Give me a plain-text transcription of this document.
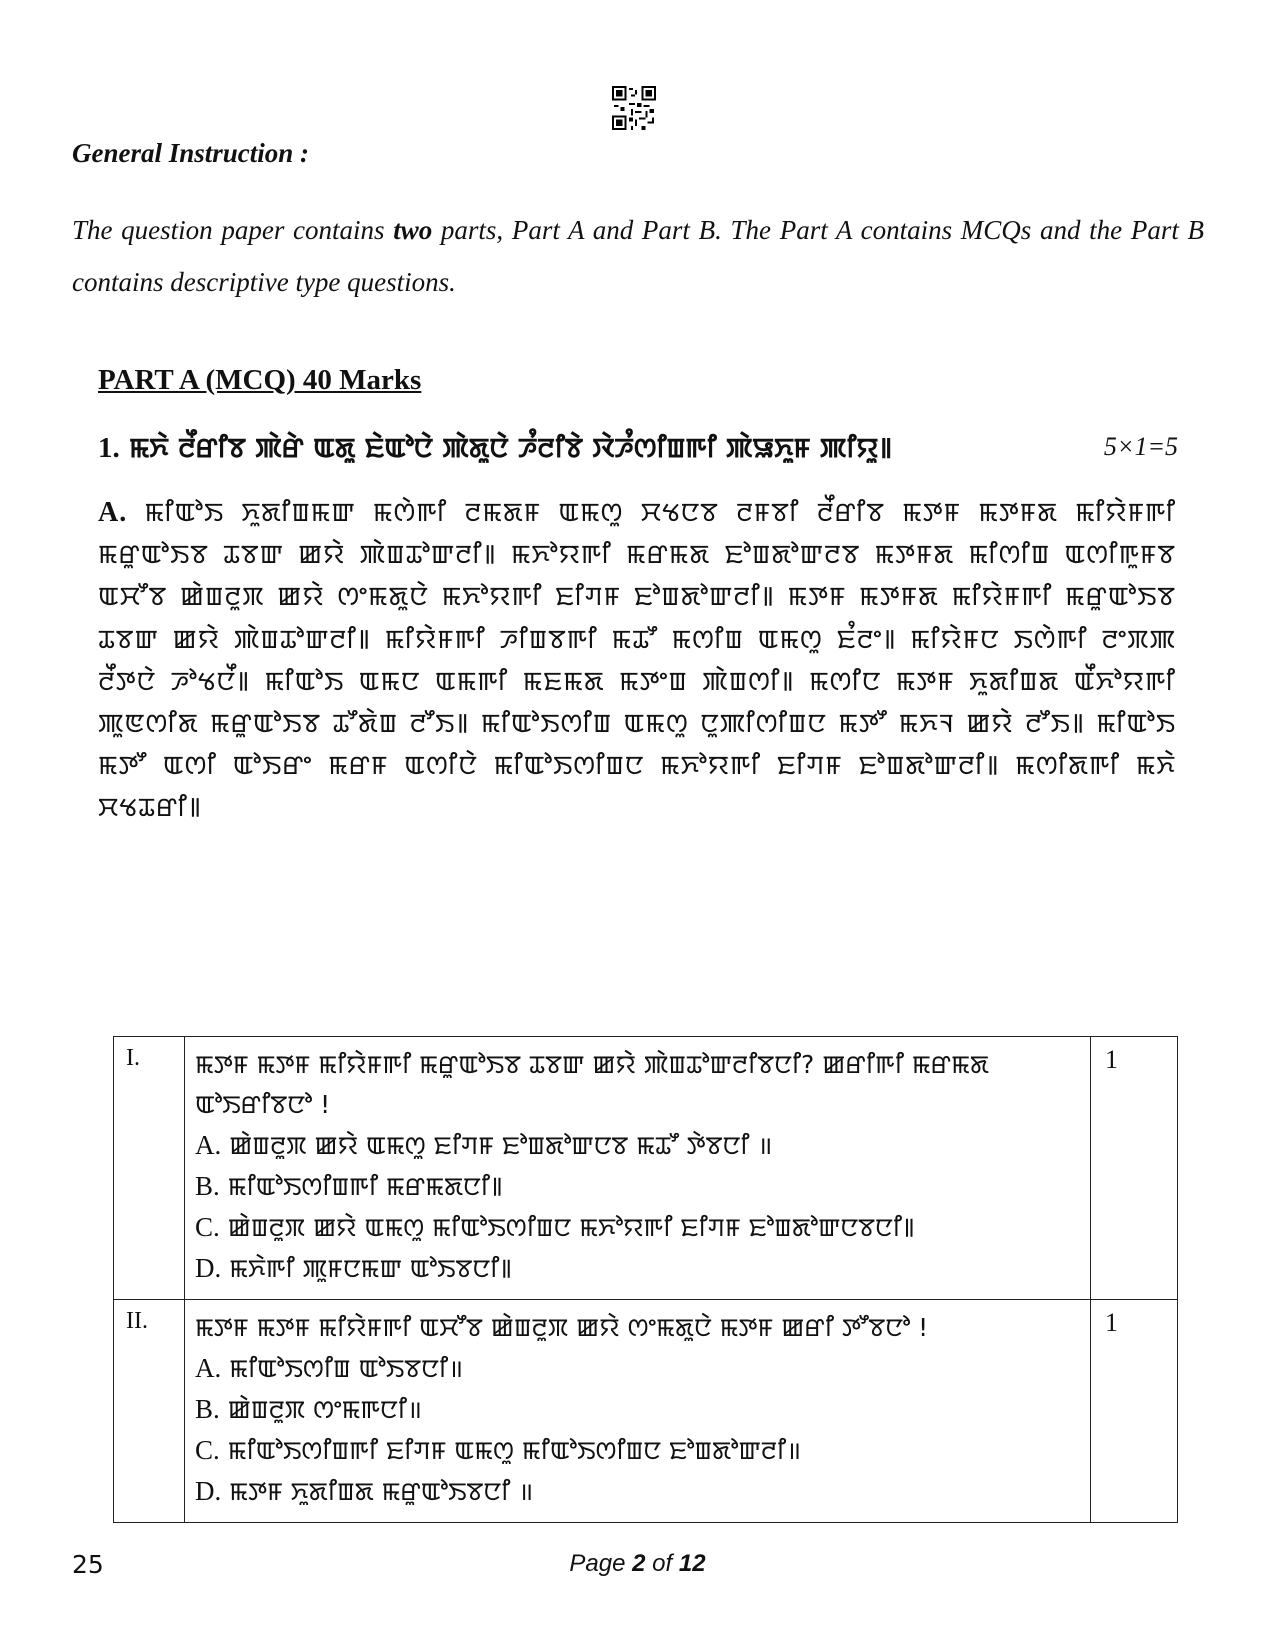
General Instruction :
The question paper contains two parts, Part A and Part B. The Part A contains MCQs and the Part B contains descriptive type questions.
PART A (MCQ) 40 Marks
1. ꯃꯈꯥ ꯂꯩꯔꯤꯕ ꯄꯥꯔꯥ ꯑꯗꯨ ꯐꯥꯑꯣꯅꯥ ꯄꯥꯗꯨꯅꯥ ꯍꯪꯂꯤꯕꯥ ꯋꯥꯍꯪꯁꯤꯡꯒꯤ ꯄꯥꯎꯈꯨꯝ ꯄꯤꯌꯨ꯫	5×1=5
A. ꯃꯤꯑꯣꯏ ꯈꯨꯗꯤꯡꯃꯛ ꯃꯁꯥꯒꯤ ꯂꯃꯗꯝ ꯑꯃꯁꯨ ꯆꯠꯅꯕ ꯂꯝꯕꯤ ꯂꯩꯔꯤꯕ ꯃꯇꯝ ꯃꯇꯝꯗ ꯃꯤꯌꯥꯝꯒꯤ ꯃꯔꯨꯑꯣꯏꯕ ꯊꯕꯛ ꯀꯌꯥ ꯄꯥꯡꯊꯣꯛꯂꯤ꯫ ꯃꯈꯣꯌꯒꯤ ꯃꯔꯃꯗ ꯐꯣꯡꯗꯣꯛꯂꯕ ꯃꯇꯝꯗ ꯃꯤꯁꯤꯡ ꯑꯁꯤꯒꯨꯝꯕ ꯑꯆꯧꯕ ꯀꯥꯡꯂꯨꯞ ꯀꯌꯥ ꯁꯦꯃꯗꯨꯅꯥ ꯃꯈꯣꯌꯒꯤ ꯐꯤꯚꯝ ꯐꯣꯡꯗꯣꯛꯂꯤ꯫ ꯃꯇꯝ ꯃꯇꯝꯗ ꯃꯤꯌꯥꯝꯒꯤ ꯃꯔꯨꯑꯣꯏꯕ ꯊꯕꯛ ꯀꯌꯥ ꯄꯥꯡꯊꯣꯛꯂꯤ꯫ ꯃꯤꯌꯥꯝꯒꯤ ꯍꯤꯡꯕꯒꯤ ꯃꯊꯧ ꯃꯁꯤꯡ ꯑꯃꯁꯨ ꯐꯪꯂꯦ꯫ ꯃꯤꯌꯥꯝꯅ ꯏꯁꯥꯒꯤ ꯂꯦꯞꯄ ꯂꯩꯇꯅꯥ ꯍꯣꯠꯅꯩ꯫ ꯃꯤꯑꯣꯏ ꯑꯃꯅ ꯑꯃꯒꯤ ꯃꯐꯃꯗ ꯃꯇꯦꯡ ꯄꯥꯡꯁꯤ꯫ ꯃꯁꯤꯅ ꯃꯇꯝ ꯈꯨꯗꯤꯡꯗ ꯑꯩꯈꯣꯌꯒꯤ ꯄꯨꯟꯁꯤꯗ ꯃꯔꯨꯑꯣꯏꯕ ꯊꯧꯗꯥꯡ ꯂꯧꯏ꯫ ꯃꯤꯑꯣꯏꯁꯤꯡ ꯑꯃꯁꯨ ꯅꯨꯄꯤꯁꯤꯡꯅ ꯃꯇꯧ ꯃꯈꯜ ꯀꯌꯥ ꯂꯧꯏ꯫ ꯃꯤꯑꯣꯏ ꯃꯇꯧ ꯑꯁꯤ ꯑꯣꯏꯔꯦ ꯃꯔꯝ ꯑꯁꯤꯅꯥ ꯃꯤꯑꯣꯏꯁꯤꯡꯅ ꯃꯈꯣꯌꯒꯤ ꯐꯤꯚꯝ ꯐꯣꯡꯗꯣꯛꯂꯤ꯫ ꯃꯁꯤꯗꯒꯤ ꯃꯈꯥ ꯆꯠꯊꯔꯤ꯫
I.	ꯃꯇꯝ ꯃꯇꯝ ꯃꯤꯌꯥꯝꯒꯤ ꯃꯔꯨꯑꯣꯏꯕ ꯊꯕꯛ ꯀꯌꯥ ꯄꯥꯡꯊꯣꯛꯂꯤꯕꯅꯤ? ꯀꯔꯤꯒꯤ ꯃꯔꯃꯗ ꯑꯣꯏꯔꯤꯕꯅꯣ !
A. ꯀꯥꯡꯂꯨꯞ ꯀꯌꯥ ꯑꯃꯁꯨ ꯐꯤꯚꯝ ꯐꯣꯡꯗꯣꯛꯅꯕ ꯃꯊꯧ ꯇꯥꯕꯅꯤ ॥
B. ꯃꯤꯑꯣꯏꯁꯤꯡꯒꯤ ꯃꯔꯃꯗꯅꯤ꯫
C. ꯀꯥꯡꯂꯨꯞ ꯀꯌꯥ ꯑꯃꯁꯨ ꯃꯤꯑꯣꯏꯁꯤꯡꯅ ꯃꯈꯣꯌꯒꯤ ꯐꯤꯚꯝ ꯐꯣꯡꯗꯣꯛꯅꯕꯅꯤ꯫
D. ꯃꯈꯥꯒꯤ ꯄꯨꯝꯅꯃꯛ ꯑꯣꯏꯕꯅꯤ꯫	1
II.	ꯃꯇꯝ ꯃꯇꯝ ꯃꯤꯌꯥꯝꯒꯤ ꯑꯆꯧꯕ ꯀꯥꯡꯂꯨꯞ ꯀꯌꯥ ꯁꯦꯃꯗꯨꯅꯥ ꯃꯇꯝ ꯀꯔꯤ ꯇꯧꯕꯅꯣ !
A. ꯃꯤꯑꯣꯏꯁꯤꯡ ꯑꯣꯏꯕꯅꯤ॥
B. ꯀꯥꯡꯂꯨꯞ ꯁꯦꯃꯒꯅꯤ॥
C. ꯃꯤꯑꯣꯏꯁꯤꯡꯒꯤ ꯐꯤꯚꯝ ꯑꯃꯁꯨ ꯃꯤꯑꯣꯏꯁꯤꯡꯅ ꯐꯣꯡꯗꯣꯛꯂꯤ॥
D. ꯃꯇꯝ ꯈꯨꯗꯤꯡꯗ ꯃꯔꯨꯑꯣꯏꯕꯅꯤ ॥	1
25	Page 2 of 12
